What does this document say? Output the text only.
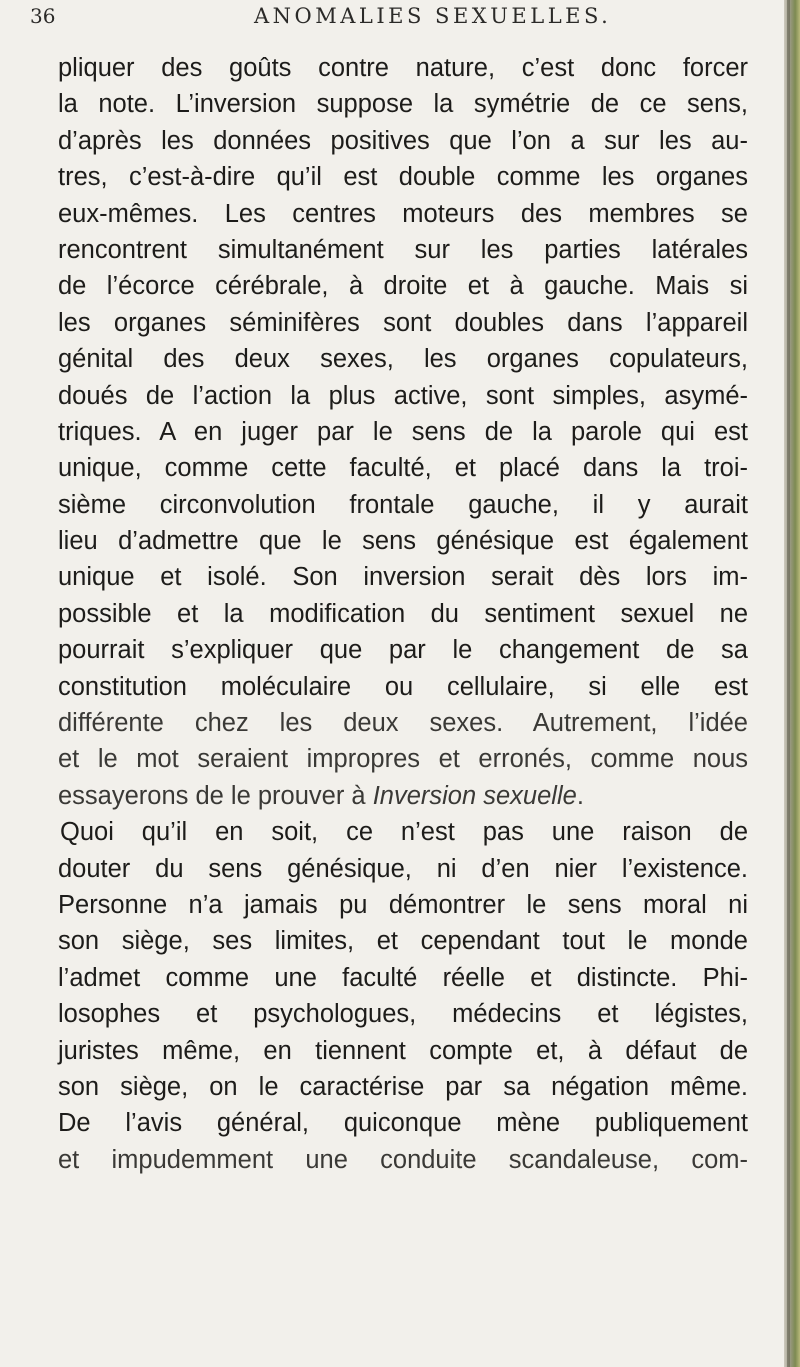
36	ANOMALIES SEXUELLES.
pliquer des goûts contre nature, c’est donc forcer
la note. L’inversion suppose la symétrie de ce sens,
d’après les données positives que l’on a sur les au-
tres, c’est-à-dire qu’il est double comme les organes
eux-mêmes. Les centres moteurs des membres se
rencontrent simultanément sur les parties latérales
de l’écorce cérébrale, à droite et à gauche. Mais si
les organes séminifères sont doubles dans l’appareil
génital des deux sexes, les organes copulateurs,
doués de l’action la plus active, sont simples, asymé-
triques. A en juger par le sens de la parole qui est
unique, comme cette faculté, et placé dans la troi-
sième circonvolution frontale gauche, il y aurait
lieu d’admettre que le sens génésique est également
unique et isolé. Son inversion serait dès lors im-
possible et la modification du sentiment sexuel ne
pourrait s’expliquer que par le changement de sa
constitution moléculaire ou cellulaire, si elle est
différente chez les deux sexes. Autrement, l’idée
et le mot seraient impropres et erronés, comme nous
essayerons de le prouver à Inversion sexuelle.
Quoi qu’il en soit, ce n’est pas une raison de
douter du sens génésique, ni d’en nier l’existence.
Personne n’a jamais pu démontrer le sens moral ni
son siège, ses limites, et cependant tout le monde
l’admet comme une faculté réelle et distincte. Phi-
losophes et psychologues, médecins et légistes,
juristes même, en tiennent compte et, à défaut de
son siège, on le caractérise par sa négation même.
De l’avis général, quiconque mène publiquement
et impudemment une conduite scandaleuse, com-
